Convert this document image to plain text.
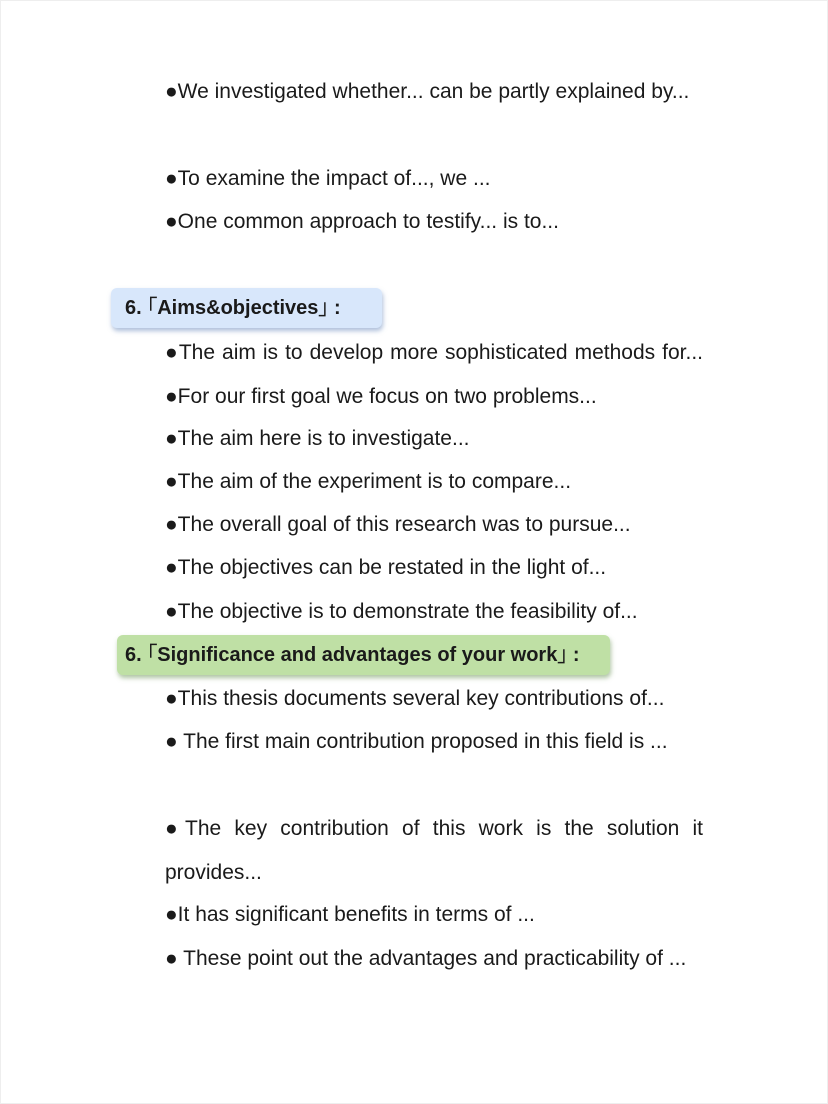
●We investigated whether... can be partly explained by...

●To examine the impact of..., we ...

●One common approach to testify... is to...

6. ｢Aims&objectives｣ :

●The aim is to develop more sophisticated methods for... ●For our first goal we focus on two problems...

●The aim here is to investigate...

●The aim of the experiment is to compare...

●The overall goal of this research was to pursue...

●The objectives can be restated in the light of...

●The objective is to demonstrate the feasibility of...

6. ｢Significance and advantages of your work｣ :

●This thesis documents several key contributions of...

● The first main contribution proposed in this field is ...

●The key contribution of this work is the solution it provides...

●It has significant benefits in terms of ...

● These point out the advantages and practicability of ...
